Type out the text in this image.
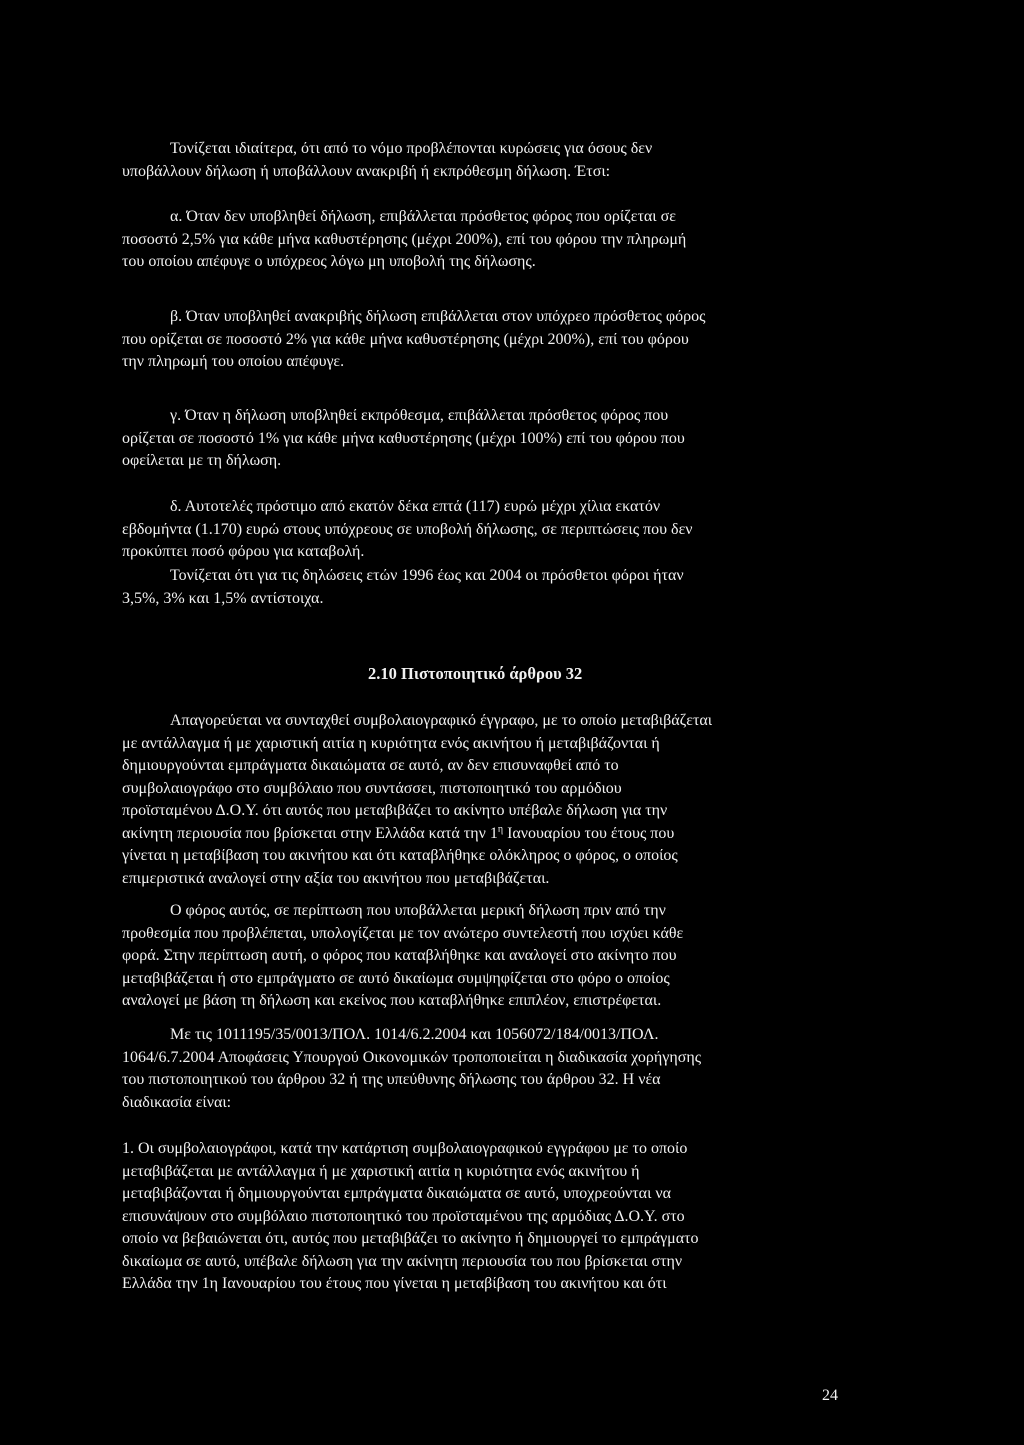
Τονίζεται ιδιαίτερα, ότι από το νόμο προβλέπονται κυρώσεις για όσους δεν
υποβάλλουν δήλωση ή υποβάλλουν ανακριβή ή εκπρόθεσμη δήλωση. Έτσι:

α. Όταν δεν υποβληθεί δήλωση, επιβάλλεται πρόσθετος φόρος που ορίζεται σε
ποσοστό 2,5% για κάθε μήνα καθυστέρησης (μέχρι 200%), επί του φόρου την πληρωμή
του οποίου απέφυγε ο υπόχρεος λόγω μη υποβολή της δήλωσης.

β. Όταν υποβληθεί ανακριβής δήλωση επιβάλλεται στον υπόχρεο πρόσθετος φόρος
που ορίζεται σε ποσοστό 2% για κάθε μήνα καθυστέρησης (μέχρι 200%), επί του φόρου
την πληρωμή του οποίου απέφυγε.

γ. Όταν η δήλωση υποβληθεί εκπρόθεσμα, επιβάλλεται πρόσθετος φόρος που
ορίζεται σε ποσοστό 1% για κάθε μήνα καθυστέρησης (μέχρι 100%) επί του φόρου που
οφείλεται με τη δήλωση.

δ. Αυτοτελές πρόστιμο από εκατόν δέκα επτά (117) ευρώ μέχρι χίλια εκατόν
εβδομήντα (1.170) ευρώ στους υπόχρεους σε υποβολή δήλωσης, σε περιπτώσεις που δεν
προκύπτει ποσό φόρου για καταβολή.

Τονίζεται ότι για τις δηλώσεις ετών 1996 έως και 2004 οι πρόσθετοι φόροι ήταν
3,5%, 3% και 1,5% αντίστοιχα.

2.10 Πιστοποιητικό άρθρου 32

Απαγορεύεται να συνταχθεί συμβολαιογραφικό έγγραφο, με το οποίο μεταβιβάζεται
με αντάλλαγμα ή με χαριστική αιτία η κυριότητα ενός ακινήτου ή μεταβιβάζονται ή
δημιουργούνται εμπράγματα δικαιώματα σε αυτό, αν δεν επισυναφθεί από το
συμβολαιογράφο στο συμβόλαιο που συντάσσει, πιστοποιητικό του αρμόδιου
προϊσταμένου Δ.Ο.Υ. ότι αυτός που μεταβιβάζει το ακίνητο υπέβαλε δήλωση για την
ακίνητη περιουσία που βρίσκεται στην Ελλάδα κατά την $1^\eta$ Ιανουαρίου του έτους που
γίνεται η μεταβίβαση του ακινήτου και ότι καταβλήθηκε ολόκληρος ο φόρος, ο οποίος
επιμεριστικά αναλογεί στην αξία του ακινήτου που μεταβιβάζεται.

Ο φόρος αυτός, σε περίπτωση που υποβάλλεται μερική δήλωση πριν από την
προθεσμία που προβλέπεται, υπολογίζεται με τον ανώτερο συντελεστή που ισχύει κάθε
φορά. Στην περίπτωση αυτή, ο φόρος που καταβλήθηκε και αναλογεί στο ακίνητο που
μεταβιβάζεται ή στο εμπράγματο σε αυτό δικαίωμα συμψηφίζεται στο φόρο ο οποίος
αναλογεί με βάση τη δήλωση και εκείνος που καταβλήθηκε επιπλέον, επιστρέφεται.

Με τις 1011195/35/0013/ΠΟΛ. 1014/6.2.2004 και 1056072/184/0013/ΠΟΛ.
1064/6.7.2004 Αποφάσεις Υπουργού Οικονομικών τροποποιείται η διαδικασία χορήγησης
του πιστοποιητικού του άρθρου 32 ή της υπεύθυνης δήλωσης του άρθρου 32. Η νέα
διαδικασία είναι:

1. Οι συμβολαιογράφοι, κατά την κατάρτιση συμβολαιογραφικού εγγράφου με το οποίο
μεταβιβάζεται με αντάλλαγμα ή με χαριστική αιτία η κυριότητα ενός ακινήτου ή
μεταβιβάζονται ή δημιουργούνται εμπράγματα δικαιώματα σε αυτό, υποχρεούνται να
επισυνάψουν στο συμβόλαιο πιστοποιητικό του προϊσταμένου της αρμόδιας Δ.Ο.Υ. στο
οποίο να βεβαιώνεται ότι, αυτός που μεταβιβάζει το ακίνητο ή δημιουργεί το εμπράγματο
δικαίωμα σε αυτό, υπέβαλε δήλωση για την ακίνητη περιουσία του που βρίσκεται στην
Ελλάδα την 1η Ιανουαρίου του έτους που γίνεται η μεταβίβαση του ακινήτου και ότι

24
